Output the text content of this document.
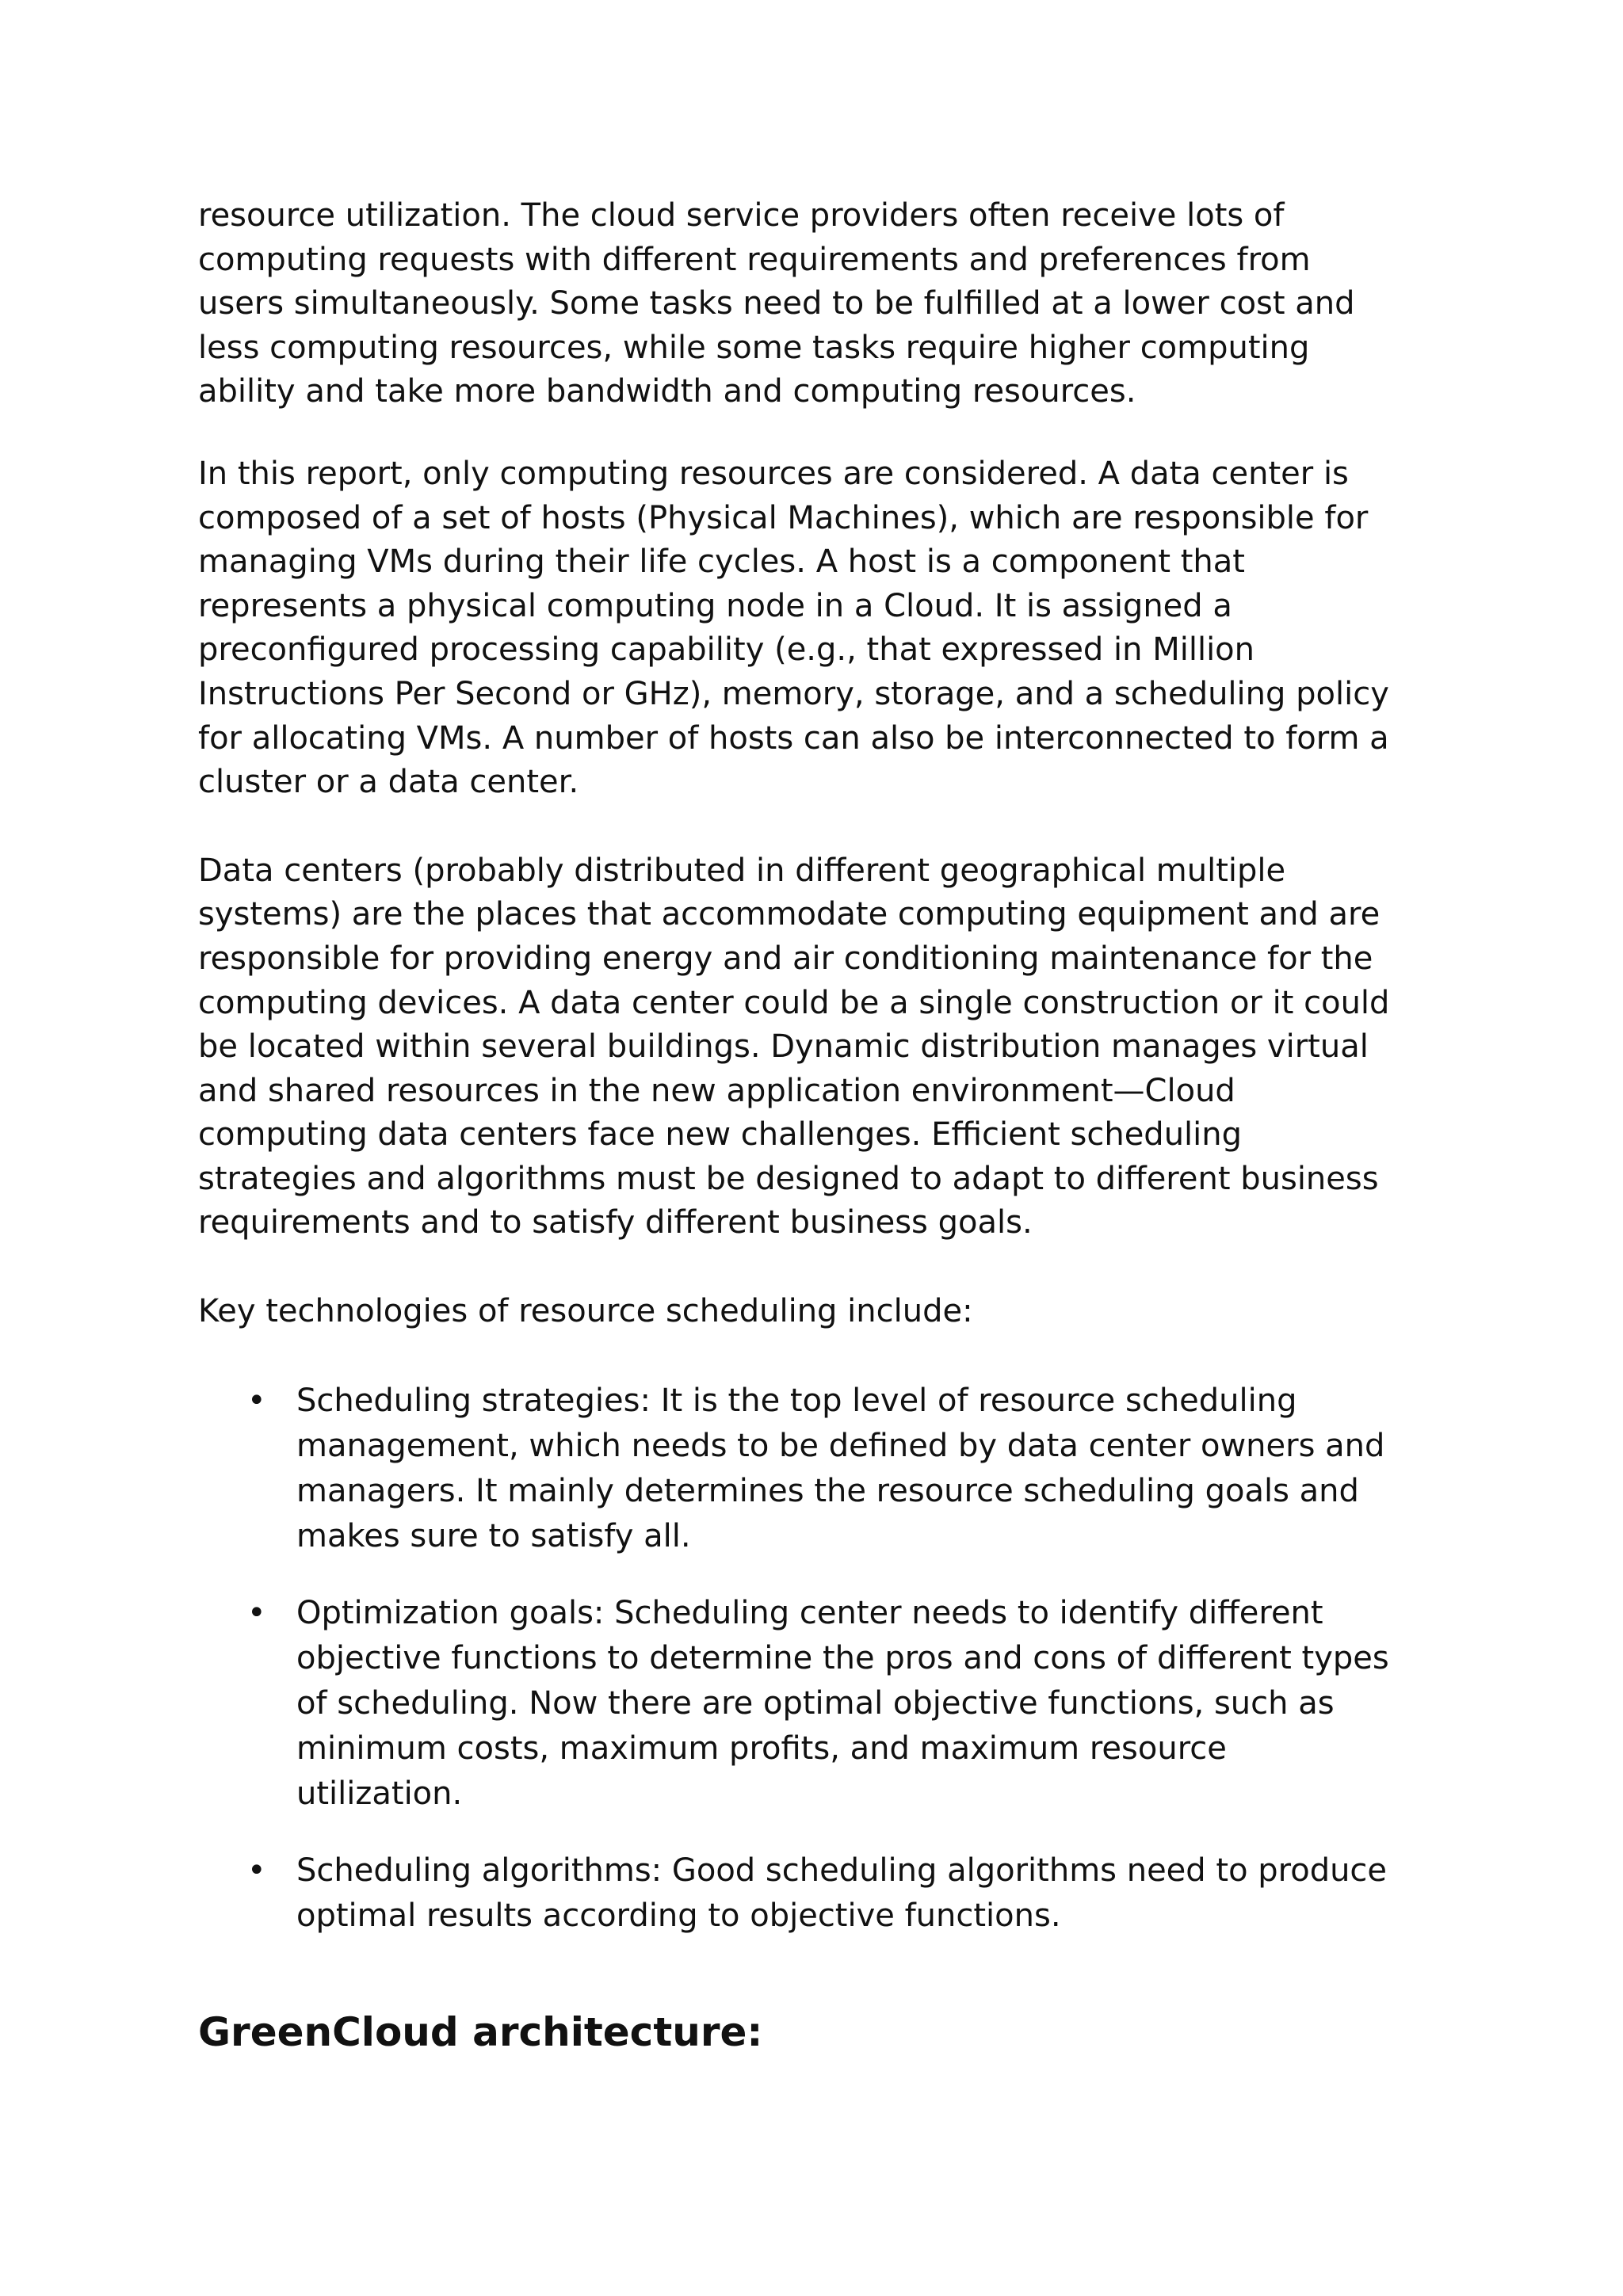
resource utilization. The cloud service providers often receive lots of
computing requests with different requirements and preferences from
users simultaneously. Some tasks need to be fulfilled at a lower cost and
less computing resources, while some tasks require higher computing
ability and take more bandwidth and computing resources.

In this report, only computing resources are considered. A data center is
composed of a set of hosts (Physical Machines), which are responsible for
managing VMs during their life cycles. A host is a component that
represents a physical computing node in a Cloud. It is assigned a
preconfigured processing capability (e.g., that expressed in Million
Instructions Per Second or GHz), memory, storage, and a scheduling policy
for allocating VMs. A number of hosts can also be interconnected to form a
cluster or a data center.

Data centers (probably distributed in different geographical multiple
systems) are the places that accommodate computing equipment and are
responsible for providing energy and air conditioning maintenance for the
computing devices. A data center could be a single construction or it could
be located within several buildings. Dynamic distribution manages virtual
and shared resources in the new application environment—Cloud
computing data centers face new challenges. Efficient scheduling
strategies and algorithms must be designed to adapt to different business
requirements and to satisfy different business goals.

Key technologies of resource scheduling include:

• Scheduling strategies: It is the top level of resource scheduling
management, which needs to be defined by data center owners and
managers. It mainly determines the resource scheduling goals and
makes sure to satisfy all.
• Optimization goals: Scheduling center needs to identify different
objective functions to determine the pros and cons of different types
of scheduling. Now there are optimal objective functions, such as
minimum costs, maximum profits, and maximum resource
utilization.
• Scheduling algorithms: Good scheduling algorithms need to produce
optimal results according to objective functions.
GreenCloud architecture:
